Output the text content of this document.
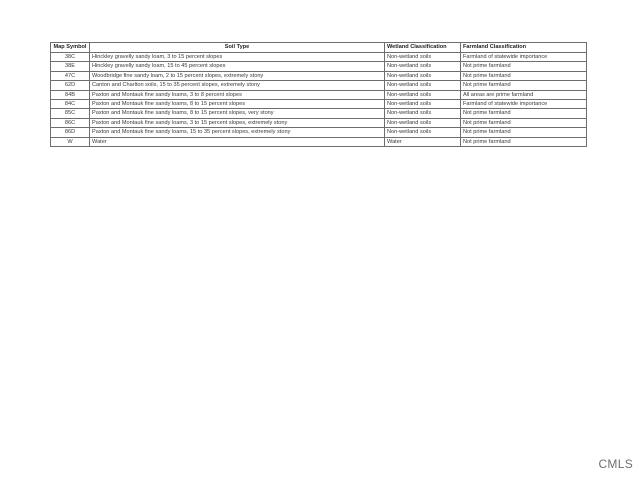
Map Symbol	Soil Type	Wetland Classification	Farmland Classification
38C	Hinckley gravelly sandy loam, 3 to 15 percent slopes	Non-wetland soils	Farmland of statewide importance
38E	Hinckley gravelly sandy loam, 15 to 45 percent slopes	Non-wetland soils	Not prime farmland
47C	Woodbridge fine sandy loam, 2 to 15 percent slopes, extremely stony	Non-wetland soils	Not prime farmland
62D	Canton and Charlton soils, 15 to 35 percent slopes, extremely stony	Non-wetland soils	Not prime farmland
84B	Paxton and Montauk fine sandy loams, 3 to 8 percent slopes	Non-wetland soils	All areas are prime farmland
84C	Paxton and Montauk fine sandy loams, 8 to 15 percent slopes	Non-wetland soils	Farmland of statewide importance
85C	Paxton and Montauk fine sandy loams, 8 to 15 percent slopes, very stony	Non-wetland soils	Not prime farmland
86C	Paxton and Montauk fine sandy loams, 3 to 15 percent slopes, extremely stony	Non-wetland soils	Not prime farmland
86D	Paxton and Montauk fine sandy loams, 15 to 35 percent slopes, extremely stony	Non-wetland soils	Not prime farmland
W	Water	Water	Not prime farmland
CMLS
